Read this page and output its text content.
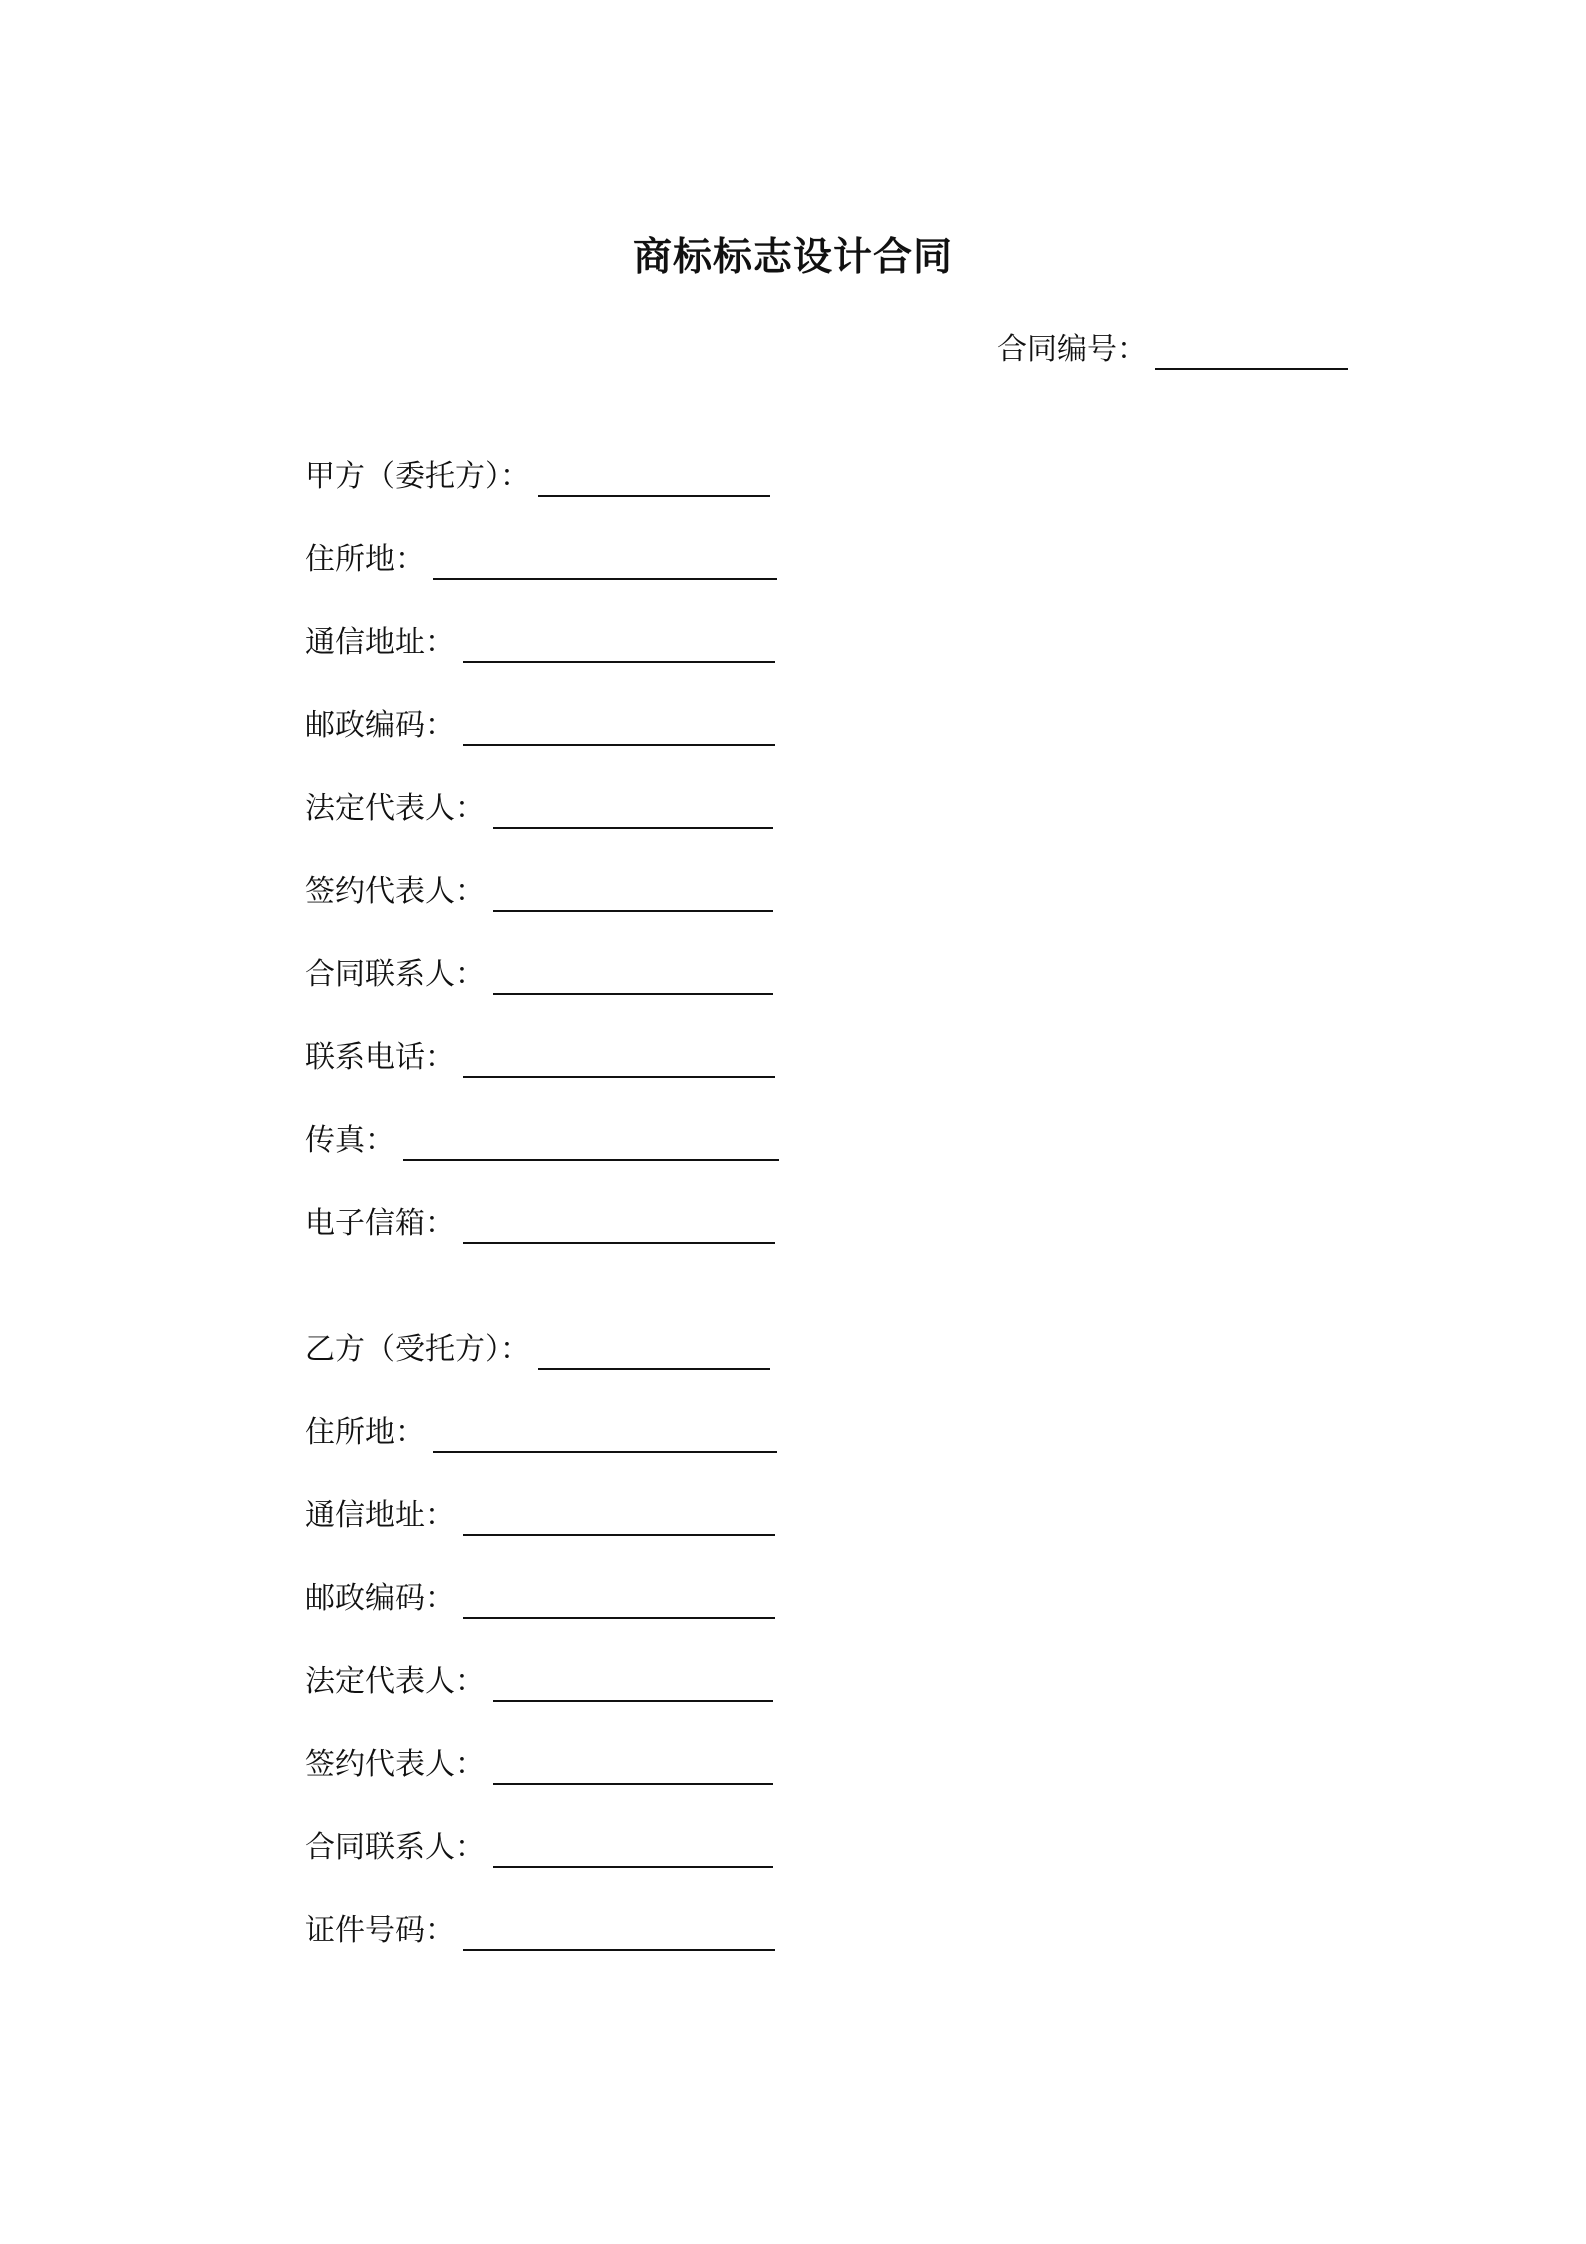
商标标志设计合同
合同编号：
甲方（委托方）：
住所地：
通信地址：
邮政编码：
法定代表人：
签约代表人：
合同联系人：
联系电话：
传真：
电子信箱：
乙方（受托方）：
住所地：
通信地址：
邮政编码：
法定代表人：
签约代表人：
合同联系人：
证件号码：
